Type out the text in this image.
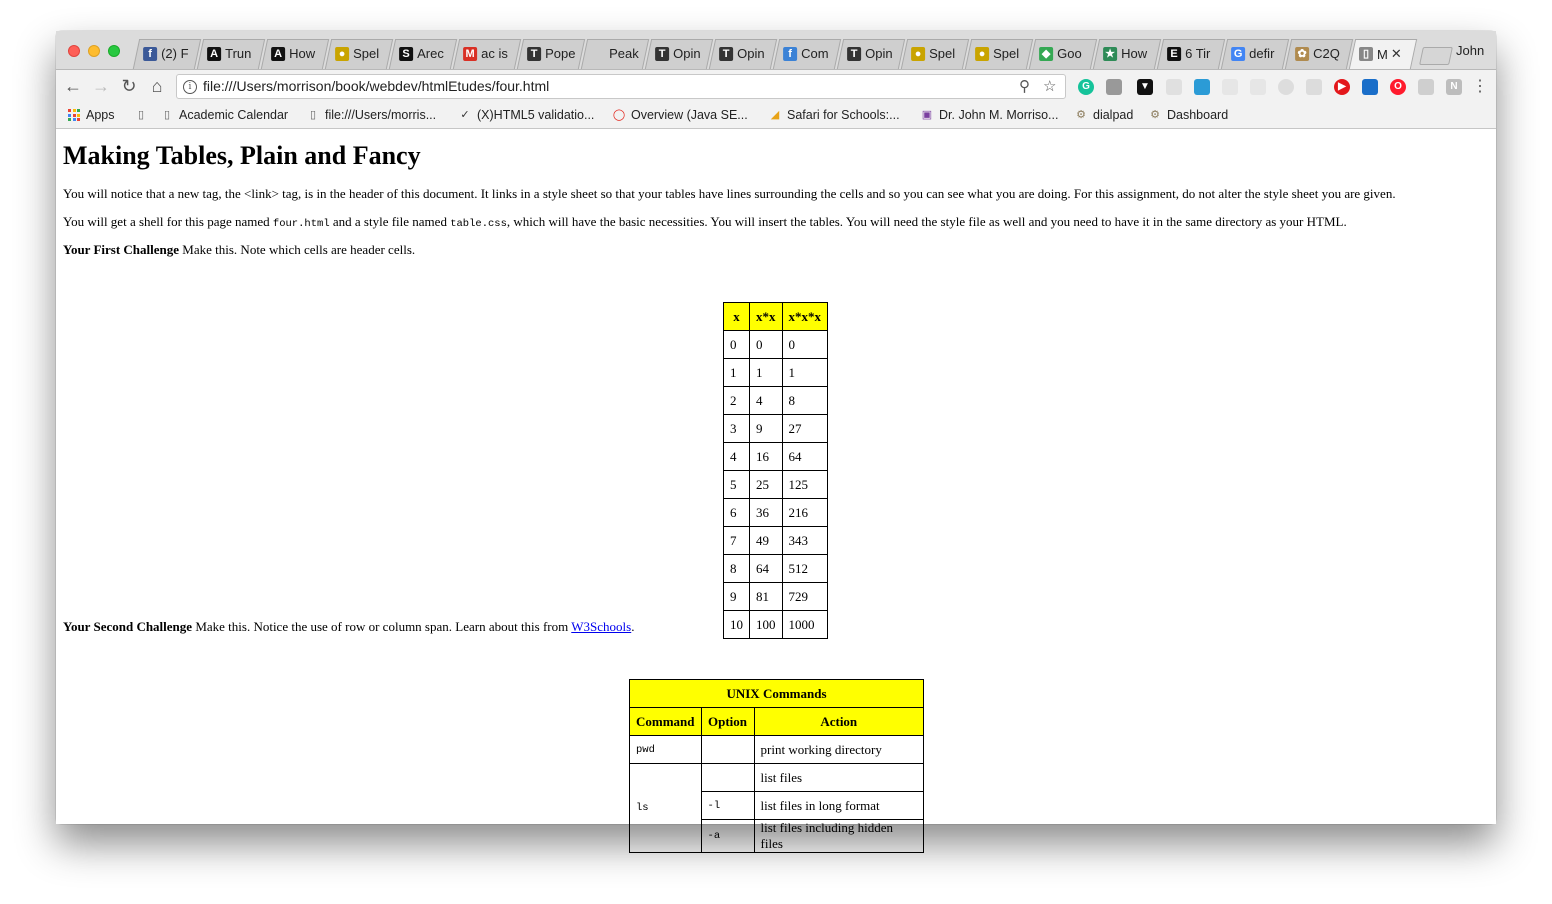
f (2) F A Trun A How	● Spel	S Arec M ac is	T Pope	Peak	T Opin	T Opin	f Com	T Opin	● Spel	● Spel ◆ Goo ★ How	E 6 Tir G defir ✿ C2Q	▯ M ✕	John
← → ↻ ⌂	i file:///Users/morrison/book/webdev/htmlEtudes/four.html	⚲ ☆	G	▼	▶	O	N ⋮
Apps	▯	▯ Academic Calendar	▯ file:///Users/morris... ✓ (X)HTML5 validatio... ◯ Overview (Java SE... ◢ Safari for Schools:... ▣ Dr. John M. Morriso... ⚙ dialpad ⚙ Dashboard
Making Tables, Plain and Fancy

You will notice that a new tag, the <link> tag, is in the header of this document. It links in a style sheet so that your tables have lines surrounding the cells and so you can see what you are doing. For this assignment, do not alter the style sheet you are given.

You will get a shell for this page named four.html and a style file named table.css, which will have the basic necessities. You will insert the tables. You will need the style file as well and you need to have it in the same directory as your HTML.

Your First Challenge Make this. Note which cells are header cells.

x	x*x	x*x*x
0	0	0
1	1	1
2	4	8
3	9	27
4	16	64
5	25	125
6	36	216
7	49	343
8	64	512
9	81	729
10	100	1000

Your Second Challenge Make this. Notice the use of row or column span. Learn about this from W3Schools.

UNIX Commands		
Command	Option	Action
pwd		print working directory
ls		list files
	-l	list files in long format
	-a	list files including hidden files
